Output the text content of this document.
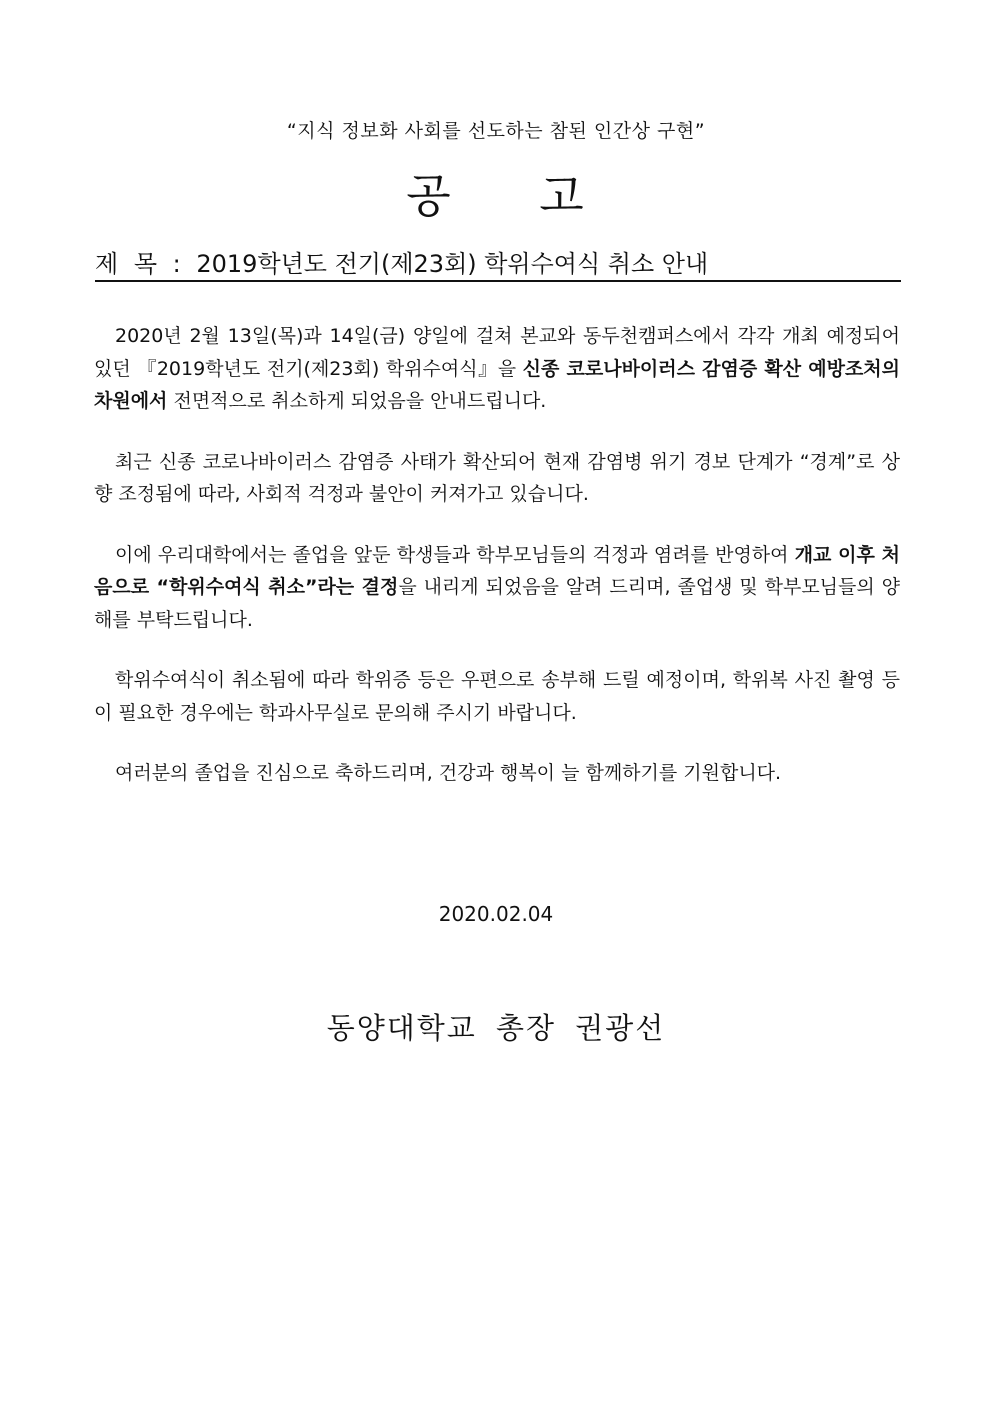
“지식 정보화 사회를 선도하는 참된 인간상 구현”
공 고
제 목 : 2019학년도 전기(제23회) 학위수여식 취소 안내

2020년 2월 13일(목)과 14일(금) 양일에 걸쳐 본교와 동두천캠퍼스에서 각각 개최 예정되어있던 『2019학년도 전기(제23회) 학위수여식』을 신종 코로나바이러스 감염증 확산 예방조처의 차원에서 전면적으로 취소하게 되었음을 안내드립니다.

최근 신종 코로나바이러스 감염증 사태가 확산되어 현재 감염병 위기 경보 단계가 “경계”로 상향 조정됨에 따라, 사회적 걱정과 불안이 커져가고 있습니다.

이에 우리대학에서는 졸업을 앞둔 학생들과 학부모님들의 걱정과 염려를 반영하여 개교 이후 처음으로 “학위수여식 취소”라는 결정을 내리게 되었음을 알려 드리며, 졸업생 및 학부모님들의 양해를 부탁드립니다.

학위수여식이 취소됨에 따라 학위증 등은 우편으로 송부해 드릴 예정이며, 학위복 사진 촬영 등이 필요한 경우에는 학과사무실로 문의해 주시기 바랍니다.

여러분의 졸업을 진심으로 축하드리며, 건강과 행복이 늘 함께하기를 기원합니다.

2020.02.04
동양대학교 총장 권광선
